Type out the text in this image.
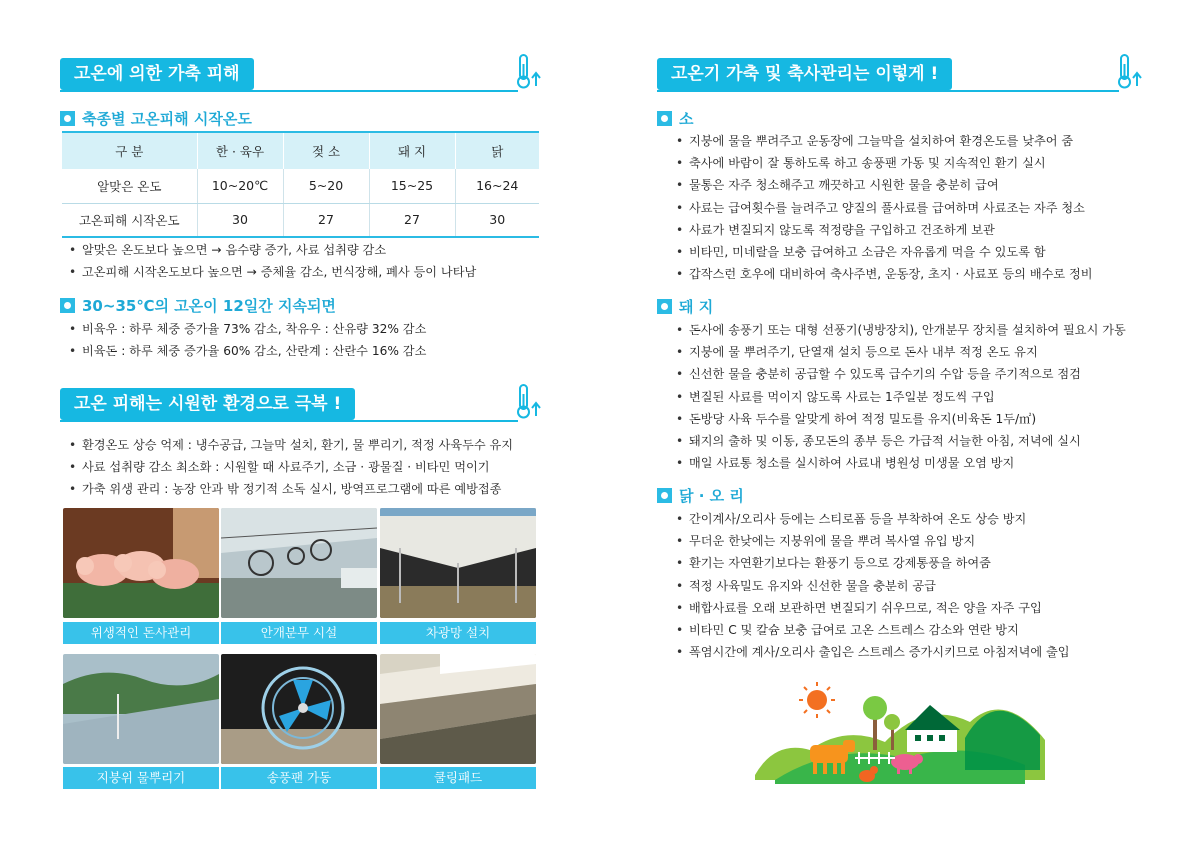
고온에 의한 가축 피해
축종별 고온피해 시작온도
구 분	한 · 육우	젖 소	돼 지	닭
알맞은 온도	10~20℃	5~20	15~25	16~24
고온피해 시작온도	30	27	27	30
• 알맞은 온도보다 높으면 → 음수량 증가, 사료 섭취량 감소
• 고온피해 시작온도보다 높으면 → 증체율 감소, 번식장해, 폐사 등이 나타남
30~35℃의 고온이 12일간 지속되면
• 비육우 : 하루 체중 증가율 73% 감소, 착유우 : 산유량 32% 감소
• 비육돈 : 하루 체중 증가율 60% 감소, 산란계 : 산란수 16% 감소
고온 피해는 시원한 환경으로 극복 !
• 환경온도 상승 억제 : 냉수공급, 그늘막 설치, 환기, 물 뿌리기, 적정 사육두수 유지
• 사료 섭취량 감소 최소화 : 시원할 때 사료주기, 소금 · 광물질 · 비타민 먹이기
• 가축 위생 관리 : 농장 안과 밖 정기적 소독 실시, 방역프로그램에 따른 예방접종
위생적인 돈사관리	안개분무 시설	차광망 설치
지붕위 물뿌리기	송풍팬 가동	쿨링패드
고온기 가축 및 축사관리는 이렇게 !
소
• 지붕에 물을 뿌려주고 운동장에 그늘막을 설치하여 환경온도를 낮추어 줌
• 축사에 바람이 잘 통하도록 하고 송풍팬 가동 및 지속적인 환기 실시
• 물통은 자주 청소해주고 깨끗하고 시원한 물을 충분히 급여
• 사료는 급여횟수를 늘려주고 양질의 풀사료를 급여하며 사료조는 자주 청소
• 사료가 변질되지 않도록 적정량을 구입하고 건조하게 보관
• 비타민, 미네랄을 보충 급여하고 소금은 자유롭게 먹을 수 있도록 함
• 갑작스런 호우에 대비하여 축사주변, 운동장, 초지 · 사료포 등의 배수로 정비
돼 지
• 돈사에 송풍기 또는 대형 선풍기(냉방장치), 안개분무 장치를 설치하여 필요시 가동
• 지붕에 물 뿌려주기, 단열재 설치 등으로 돈사 내부 적정 온도 유지
• 신선한 물을 충분히 공급할 수 있도록 급수기의 수압 등을 주기적으로 점검
• 변질된 사료를 먹이지 않도록 사료는 1주일분 정도씩 구입
• 돈방당 사육 두수를 알맞게 하여 적정 밀도를 유지(비육돈 1두/㎡)
• 돼지의 출하 및 이동, 종모돈의 종부 등은 가급적 서늘한 아침, 저녁에 실시
• 매일 사료통 청소를 실시하여 사료내 병원성 미생물 오염 방지
닭 · 오 리
• 간이계사/오리사 등에는 스티로폼 등을 부착하여 온도 상승 방지
• 무더운 한낮에는 지붕위에 물을 뿌려 복사열 유입 방지
• 환기는 자연환기보다는 환풍기 등으로 강제통풍을 하여줌
• 적정 사육밀도 유지와 신선한 물을 충분히 공급
• 배합사료를 오래 보관하면 변질되기 쉬우므로, 적은 양을 자주 구입
• 비타민 C 및 칼슘 보충 급여로 고온 스트레스 감소와 연란 방지
• 폭염시간에 계사/오리사 출입은 스트레스 증가시키므로 아침저녁에 출입
